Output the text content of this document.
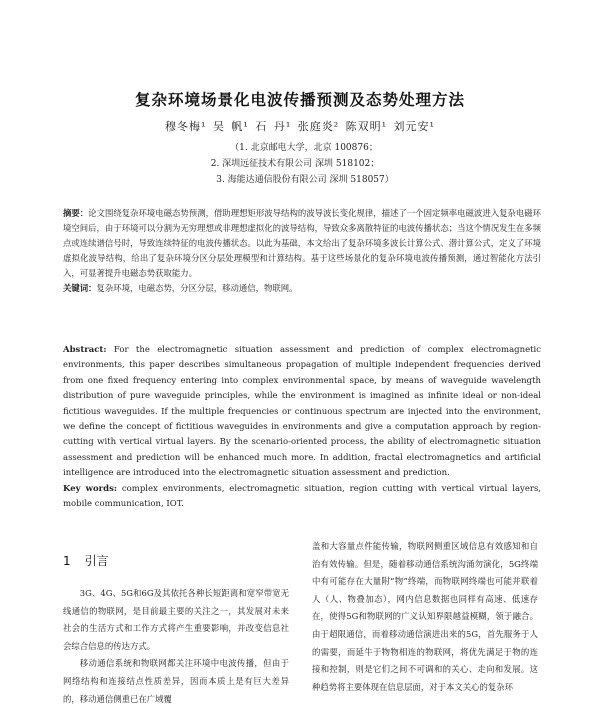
复杂环境场景化电波传播预测及态势处理方法
穆冬梅¹ 吴 帆¹ 石 丹¹ 张庭炎² 陈双明¹ 刘元安¹
（1. 北京邮电大学，北京 100876；
2. 深圳远征技术有限公司 深圳 518102；
3. 海能达通信股份有限公司 深圳 518057）

摘要：论文围绕复杂环境电磁态势预测，借助理想矩形波导结构的波导波长变化规律，描述了一个固定频率电磁波进入复杂电磁环境空间后，由于环境可以分割为无穷理想或非理想虚拟化的波导结构，导致众多离散特征的电波传播状态；当这个情况发生在多频点或连续谱信号时，导致连续特征的电波传播状态。以此为基础，本文给出了复杂环境多波长计算公式、潜计算公式，定义了环境虚拟化波导结构，给出了复杂环境分区分层处理模型和计算结构。基于这些场景化的复杂环境电波传播预测，通过智能化方法引入，可显著提升电磁态势获取能力。

关键词：复杂环境，电磁态势，分区分层，移动通信，物联网。

Abstract: For the electromagnetic situation assessment and prediction of complex electromagnetic environments, this paper describes simultaneous propagation of multiple independent frequencies derived from one fixed frequency entering into complex environmental space, by means of waveguide wavelength distribution of pure waveguide principles, while the environment is imagined as infinite ideal or non-ideal fictitious waveguides. If the multiple frequencies or continuous spectrum are injected into the environment, we define the concept of fictitious waveguides in environments and give a computation approach by region-cutting with vertical virtual layers. By the scenario-oriented process, the ability of electromagnetic situation assessment and prediction will be enhanced much more. In addition, fractal electromagnetics and artificial intelligence are introduced into the electromagnetic situation assessment and prediction.

Key words: complex environments, electromagnetic situation, region cutting with vertical virtual layers, mobile communication, IOT.

1 引言

3G、4G、5G和6G及其依托各种长短距离和宽窄带宽无线通信的物联网，是目前最主要的关注之一，其发展对未来社会的生活方式和工作方式将产生重要影响，并改变信息社会综合信息的传达方式。

移动通信系统和物联网都关注环境中电波传播，但由于网络结构和连接结点性质差异，因而本质上是有巨大差异的，移动通信侧重已在广域覆

盖和大容量点件能传输，物联网侧重区域信息有效感知和自治有效传输。但是，随着移动通信系统沟涌勿演化，5G终端中有可能存在大量附“物”终端，而物联网终端也可能并联着人（人、物叠加态），网内信息数据也同样有高速、低速存在，使得5G和物联网的广义认知界限越益模糊，领于融合。由于超限通信，而着移动通信演进出来的5G，首先服务于人的需要，而延牛于物物相连的物联网，将优先满足于物的连接和控制，则是它们之间不可调和的关心、走向和发展。这种趋势将主要体现在信息层面，对于本文关心的复杂环
